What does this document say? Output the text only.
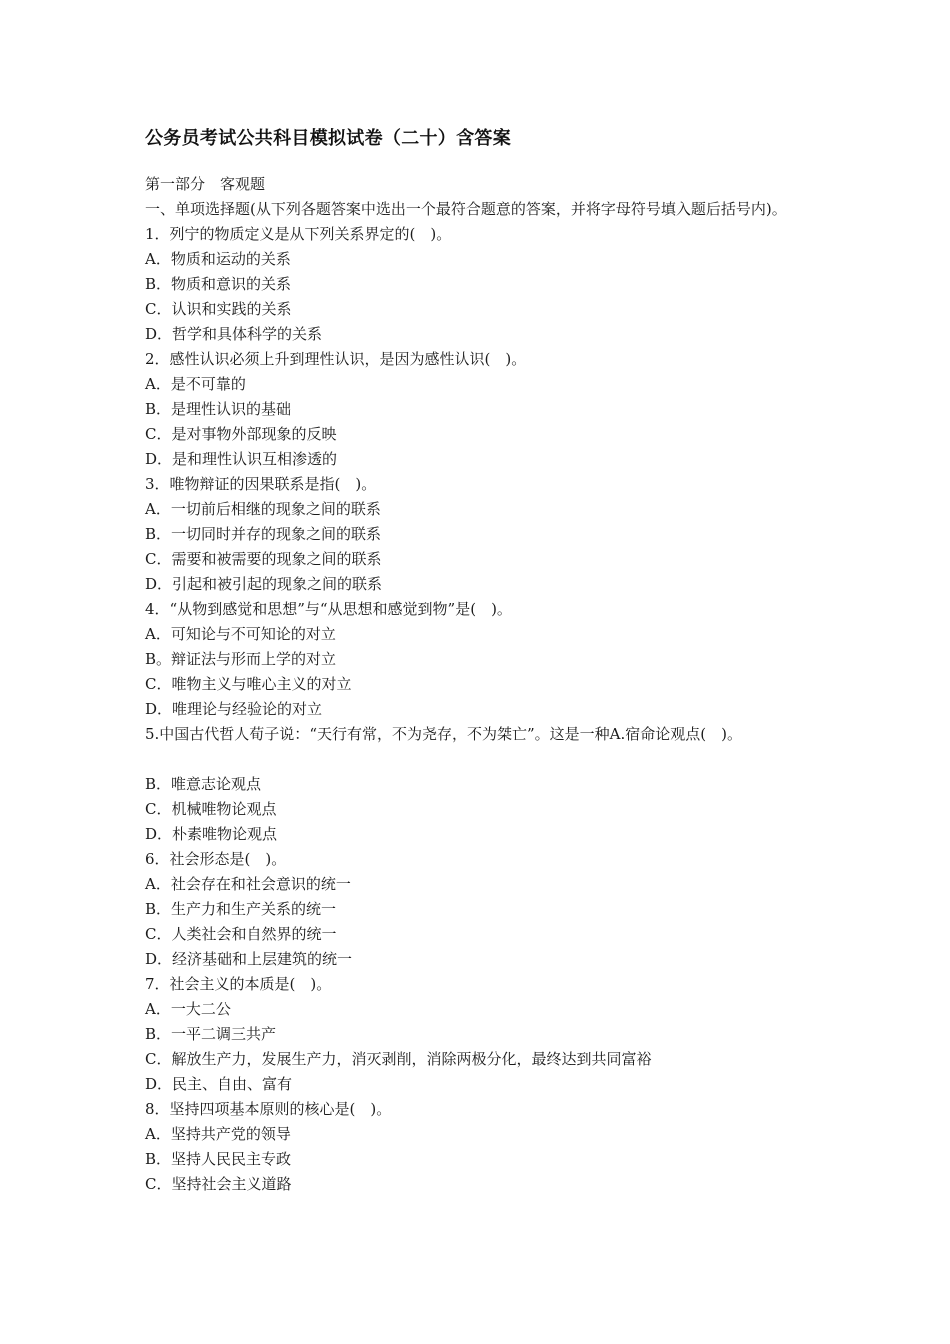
公务员考试公共科目模拟试卷（二十）含答案
第一部分　客观题
一、单项选择题(从下列各题答案中选出一个最符合题意的答案，并将字母符号填入题后括号内)。
1．列宁的物质定义是从下列关系界定的(　)。
A．物质和运动的关系
B．物质和意识的关系
C．认识和实践的关系
D．哲学和具体科学的关系
2．感性认识必须上升到理性认识，是因为感性认识(　)。
A．是不可靠的
B．是理性认识的基础
C．是对事物外部现象的反映
D．是和理性认识互相渗透的
3．唯物辩证的因果联系是指(　)。
A．一切前后相继的现象之间的联系
B．一切同时并存的现象之间的联系
C．需要和被需要的现象之间的联系
D．引起和被引起的现象之间的联系
4．“从物到感觉和思想”与“从思想和感觉到物”是(　)。
A．可知论与不可知论的对立
B。辩证法与形而上学的对立
C．唯物主义与唯心主义的对立
D．唯理论与经验论的对立
5.中国古代哲人荀子说：“天行有常，不为尧存，不为桀亡”。这是一种A.宿命论观点(　)。
B．唯意志论观点
C．机械唯物论观点
D．朴素唯物论观点
6．社会形态是(　)。
A．社会存在和社会意识的统一
B．生产力和生产关系的统一
C．人类社会和自然界的统一
D．经济基础和上层建筑的统一
7．社会主义的本质是(　)。
A．一大二公
B．一平二调三共产
C．解放生产力，发展生产力，消灭剥削，消除两极分化，最终达到共同富裕
D．民主、自由、富有
8．坚持四项基本原则的核心是(　)。
A．坚持共产党的领导
B．坚持人民民主专政
C．坚持社会主义道路
